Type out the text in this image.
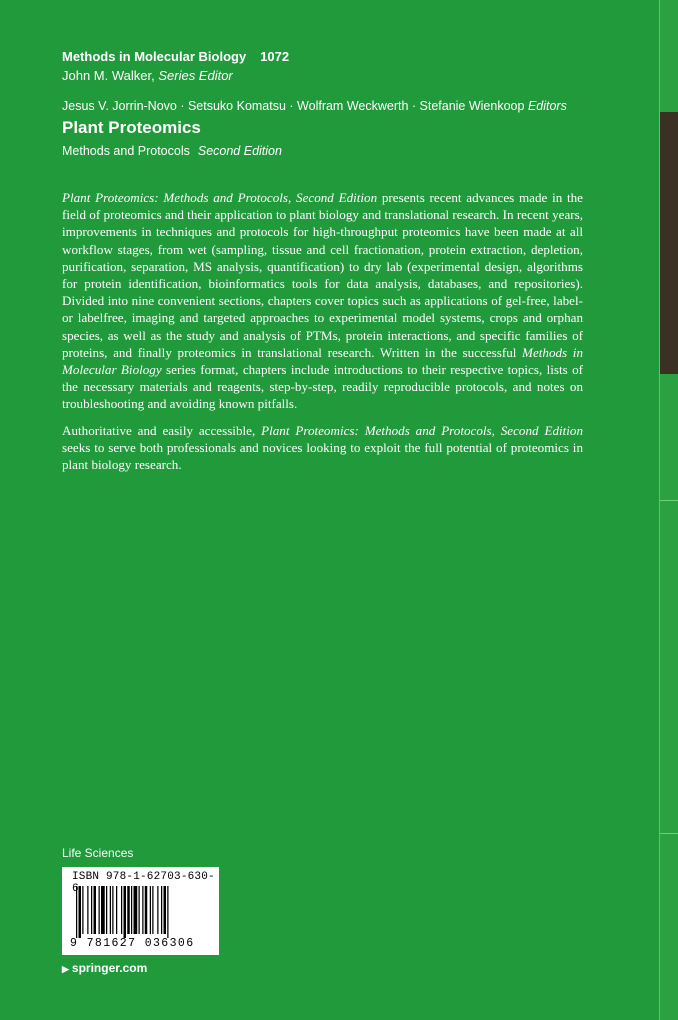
Methods in Molecular Biology 1072
John M. Walker, Series Editor
Jesus V. Jorrin-Novo · Setsuko Komatsu · Wolfram Weckwerth · Stefanie Wienkoop Editors
Plant Proteomics
Methods and Protocols Second Edition

Plant Proteomics: Methods and Protocols, Second Edition presents recent advances made in the field of proteomics and their application to plant biology and translational research. In recent years, improvements in techniques and protocols for high-throughput proteomics have been made at all workflow stages, from wet (sampling, tissue and cell fractionation, protein extraction, depletion, purification, separation, MS analysis, quantification) to dry lab (experimental design, algorithms for protein identification, bioinformatics tools for data analysis, databases, and repositories). Divided into nine convenient sections, chapters cover topics such as applications of gel-free, label- or labelfree, imaging and targeted approaches to experimental model systems, crops and orphan species, as well as the study and analysis of PTMs, protein interactions, and specific families of proteins, and finally proteomics in translational research. Written in the successful Methods in Molecular Biology series format, chapters include introductions to their respective topics, lists of the necessary materials and reagents, step-by-step, readily reproducible protocols, and notes on troubleshooting and avoiding known pitfalls.

Authoritative and easily accessible, Plant Proteomics: Methods and Protocols, Second Edition seeks to serve both professionals and novices looking to exploit the full potential of proteomics in plant biology research.

Life Sciences
ISBN 978-1-62703-630-6
9 781627 036306
▶ springer.com
